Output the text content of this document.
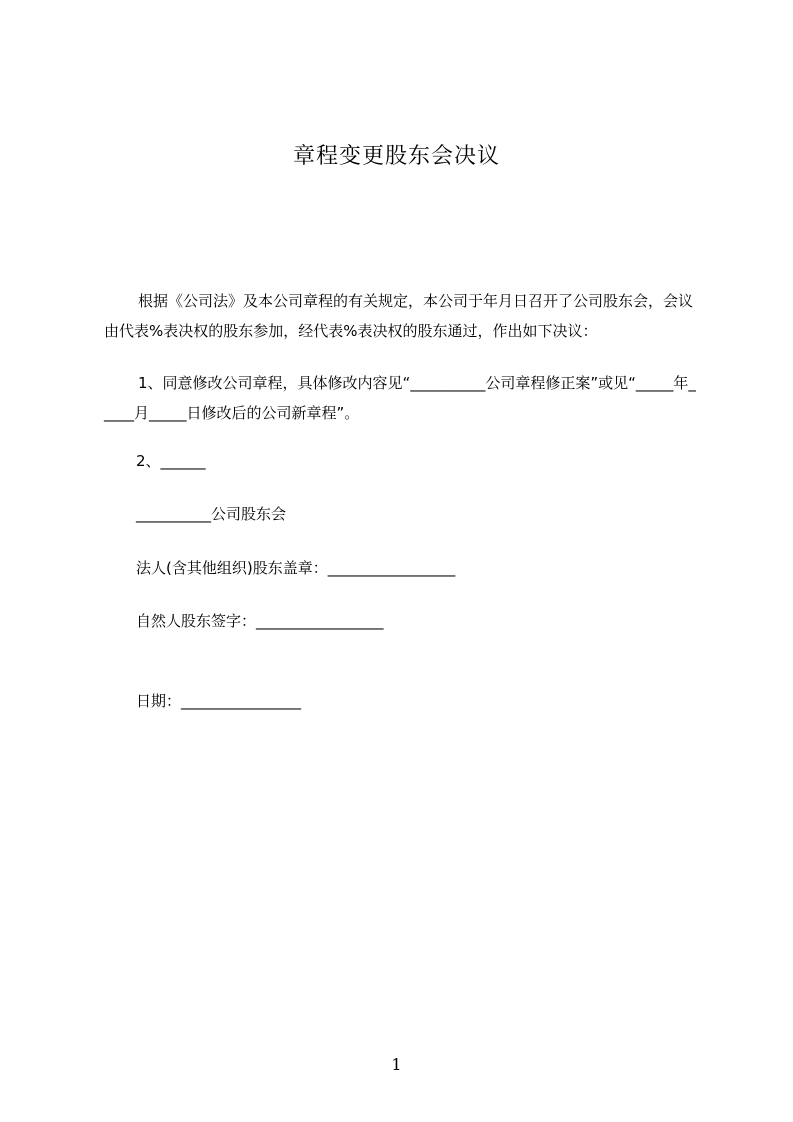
章程变更股东会决议
根据《公司法》及本公司章程的有关规定，本公司于年月日召开了公司股东会，会议由代表%表决权的股东参加，经代表%表决权的股东通过，作出如下决议：
1、同意修改公司章程，具体修改内容见“__________公司章程修正案”或见“_____年_____月_____日修改后的公司新章程”。
2、______
__________公司股东会
法人(含其他组织)股东盖章：_________________
自然人股东签字：_________________
日期：________________
1
